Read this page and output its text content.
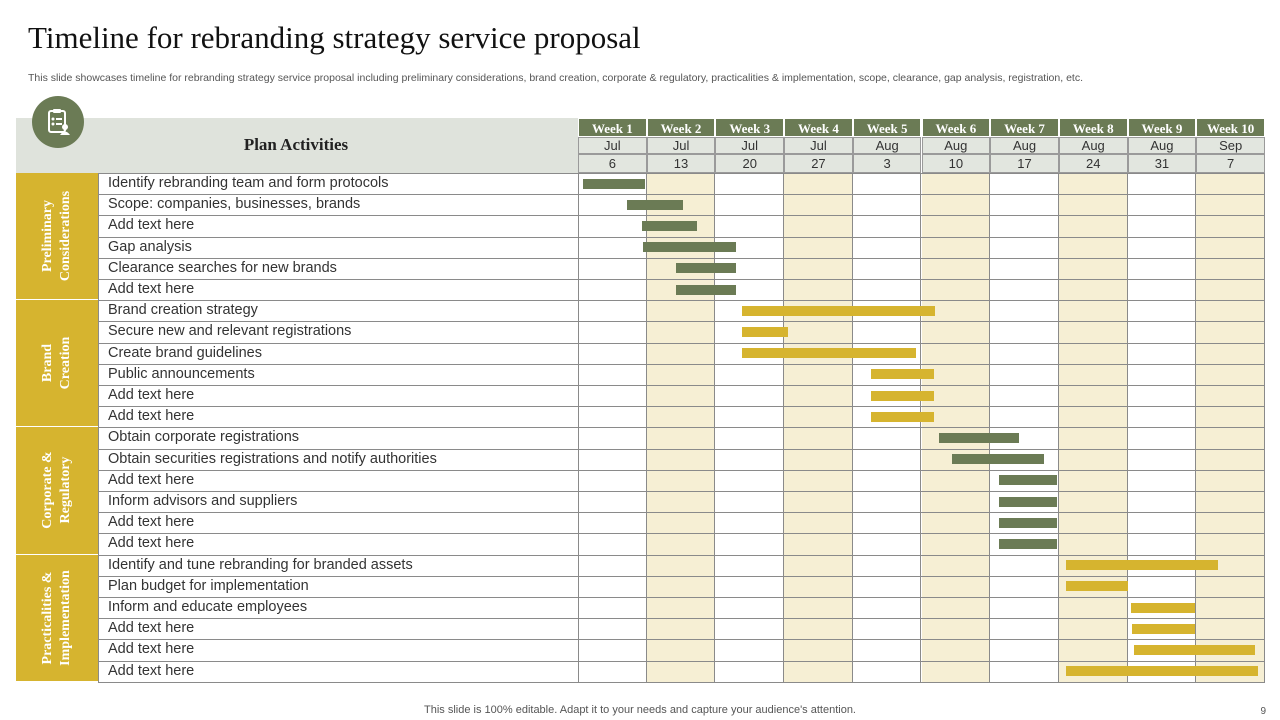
Timeline for rebranding strategy service proposal
This slide showcases timeline for rebranding strategy service proposal including preliminary considerations, brand creation, corporate & regulatory, practicalities & implementation, scope, clearance, gap analysis, registration, etc.
Plan Activities
Week 1
Jul
6
Week 2
Jul
13
Week 3
Jul
20
Week 4
Jul
27
Week 5
Aug
3
Week 6
Aug
10
Week 7
Aug
17
Week 8
Aug
24
Week 9
Aug
31
Week 10
Sep
7
Preliminary Considerations
Identify rebranding team and form protocols
Scope: companies, businesses, brands
Add text here
Gap analysis
Clearance searches for new brands
Add text here
Brand Creation
Brand creation strategy
Secure new and relevant registrations
Create brand guidelines
Public announcements
Add text here
Add text here
Corporate & Regulatory
Obtain corporate registrations
Obtain securities registrations and notify authorities
Add text here
Inform advisors and suppliers
Add text here
Add text here
Practicalities & Implementation
Identify and tune rebranding for branded assets
Plan budget for implementation
Inform and educate employees
Add text here
Add text here
Add text here
This slide is 100% editable. Adapt it to your needs and capture your audience's attention.	9
